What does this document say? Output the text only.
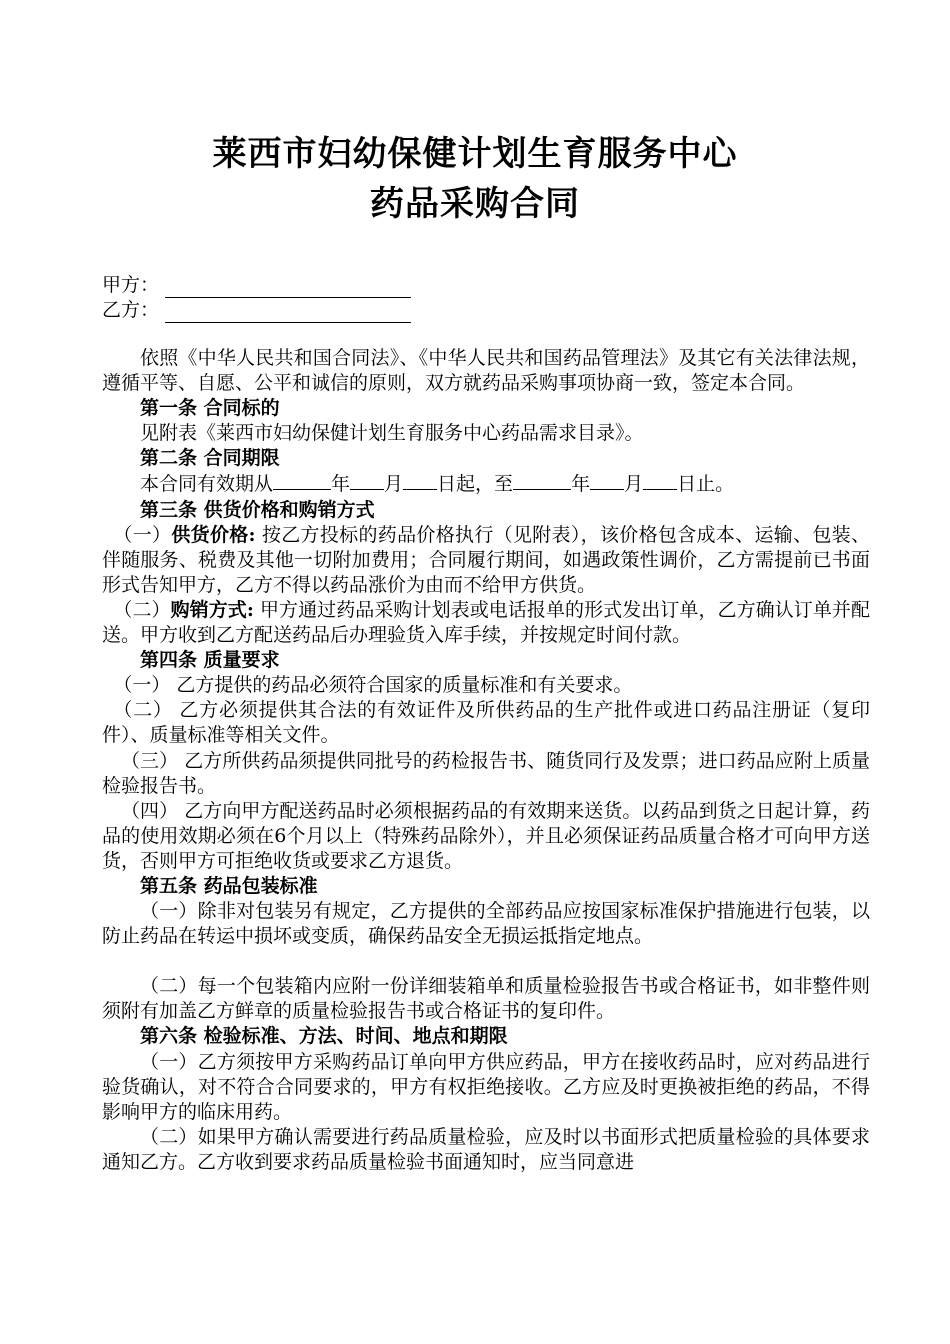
莱西市妇幼保健计划生育服务中心
药品采购合同
甲方：
乙方：

依照《中华人民共和国合同法》、《中华人民共和国药品管理法》及其它有关法律法规，遵循平等、自愿、公平和诚信的原则，双方就药品采购事项协商一致，签定本合同。

第一条 合同标的

见附表《莱西市妇幼保健计划生育服务中心药品需求目录》。

第二条 合同期限

本合同有效期从	年 月 日起，至	年 月 日止。

第三条 供货价格和购销方式

（一）供货价格: 按乙方投标的药品价格执行（见附表），该价格包含成本、运输、包装、伴随服务、税费及其他一切附加费用；合同履行期间，如遇政策性调价，乙方需提前已书面形式告知甲方，乙方不得以药品涨价为由而不给甲方供货。

（二）购销方式: 甲方通过药品采购计划表或电话报单的形式发出订单，乙方确认订单并配送。甲方收到乙方配送药品后办理验货入库手续，并按规定时间付款。

第四条 质量要求

（一） 乙方提供的药品必须符合国家的质量标准和有关要求。

（二） 乙方必须提供其合法的有效证件及所供药品的生产批件或进口药品注册证（复印件）、质量标准等相关文件。

（三） 乙方所供药品须提供同批号的药检报告书、随货同行及发票；进口药品应附上质量检验报告书。

（四） 乙方向甲方配送药品时必须根据药品的有效期来送货。以药品到货之日起计算，药品的使用效期必须在6个月以上（特殊药品除外），并且必须保证药品质量合格才可向甲方送货，否则甲方可拒绝收货或要求乙方退货。

第五条 药品包装标准

（一）除非对包装另有规定，乙方提供的全部药品应按国家标准保护措施进行包装，以防止药品在转运中损坏或变质，确保药品安全无损运抵指定地点。

（二）每一个包装箱内应附一份详细装箱单和质量检验报告书或合格证书，如非整件则须附有加盖乙方鲜章的质量检验报告书或合格证书的复印件。

第六条 检验标准、方法、时间、地点和期限

（一）乙方须按甲方采购药品订单向甲方供应药品，甲方在接收药品时，应对药品进行验货确认，对不符合合同要求的，甲方有权拒绝接收。乙方应及时更换被拒绝的药品，不得影响甲方的临床用药。

（二）如果甲方确认需要进行药品质量检验，应及时以书面形式把质量检验的具体要求通知乙方。乙方收到要求药品质量检验书面通知时，应当同意进
